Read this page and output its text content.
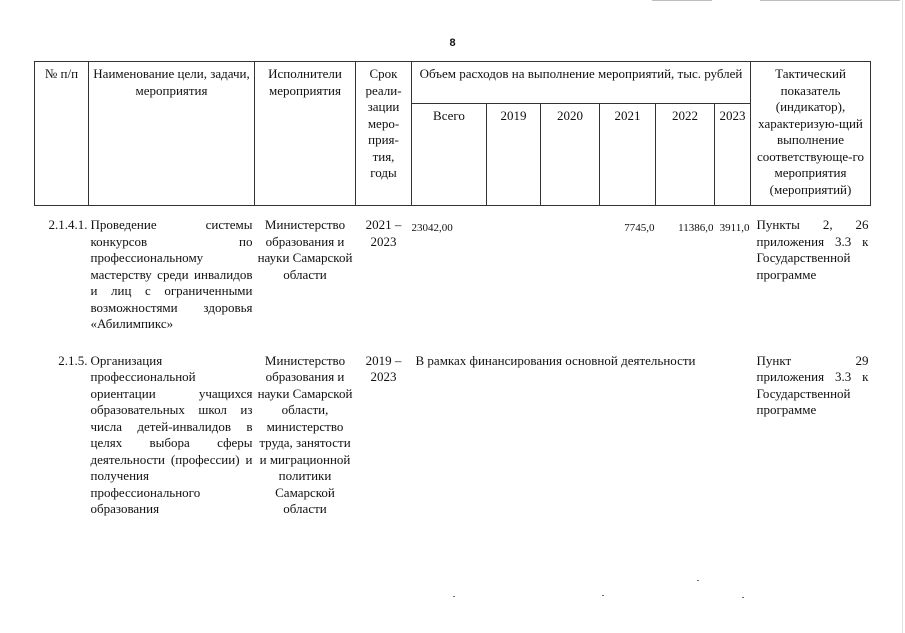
8
№ п/п	Наименование цели, задачи, мероприятия	Исполнители мероприятия	Срок реали-зации меро-прия-тия, годы	Объем расходов на выполнение мероприятий, тыс. рублей						Тактический показатель (индикатор), характеризую-щий выполнение соответствующе-го мероприятия (мероприятий)
				Всего	2019	2020	2021	2022	2023	

2.1.4.1.	Проведение системы конкурсов по профессиональному мастерству среди инвалидов и лиц с ограниченными возможностями здоровья «Абилимпикс»	Министерство образования и науки Самарской области	2021 – 2023	23042,00			7745,0	11386,0	3911,0	Пункты 2, 26 приложения 3.3 к Государственной программе

2.1.5.	Организация профессиональной ориентации учащихся образовательных школ из числа детей-инвалидов в целях выбора сферы деятельности (профессии) и получения профессионального образования	Министерство образования и науки Самарской области, министерство труда, занятости и миграционной политики Самарской области	2019 – 2023	В рамках финансирования основной деятельности						Пункт 29 приложения 3.3 к Государственной программе
